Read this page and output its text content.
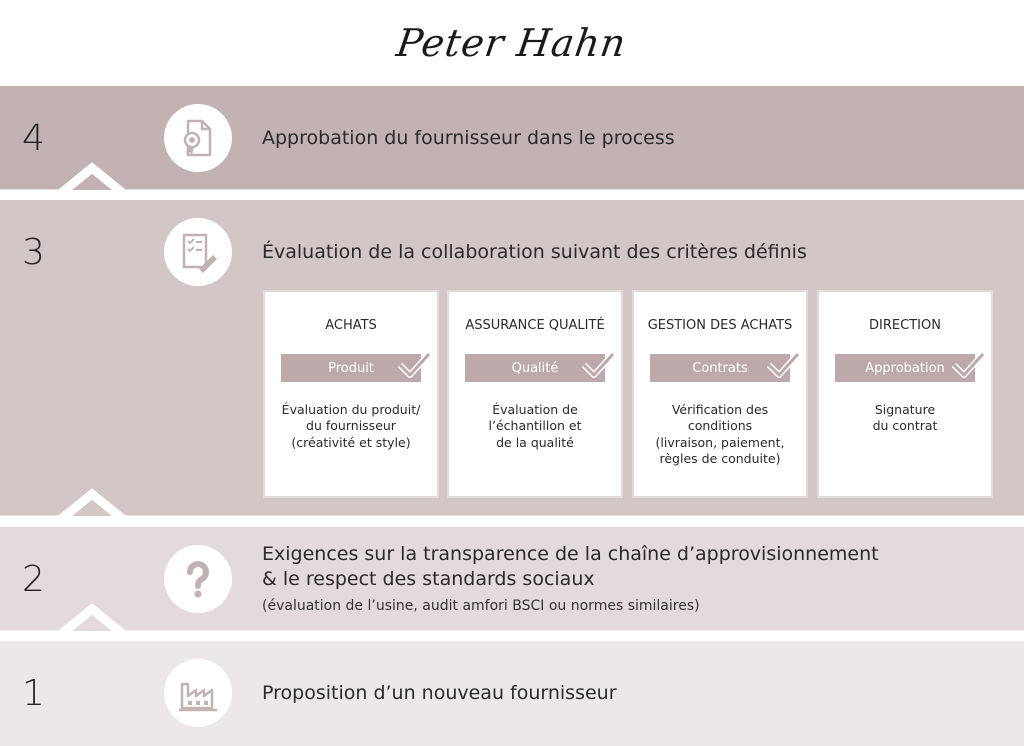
Peter Hahn
4	Approbation du fournisseur dans le process
3	Évaluation de la collaboration suivant des critères définis
ACHATS
Produit
Évaluation du produit/
du fournisseur
(créativité et style)
ASSURANCE QUALITÉ
Qualité
Évaluation de
l’échantillon et
de la qualité
GESTION DES ACHATS
Contrats
Vérification des
conditions
(livraison, paiement,
règles de conduite)
DIRECTION
Approbation
Signature
du contrat
2
Exigences sur la transparence de la chaîne d’approvisionnement
& le respect des standards sociaux
(évaluation de l’usine, audit amfori BSCI ou normes similaires)
1	Proposition d’un nouveau fournisseur
